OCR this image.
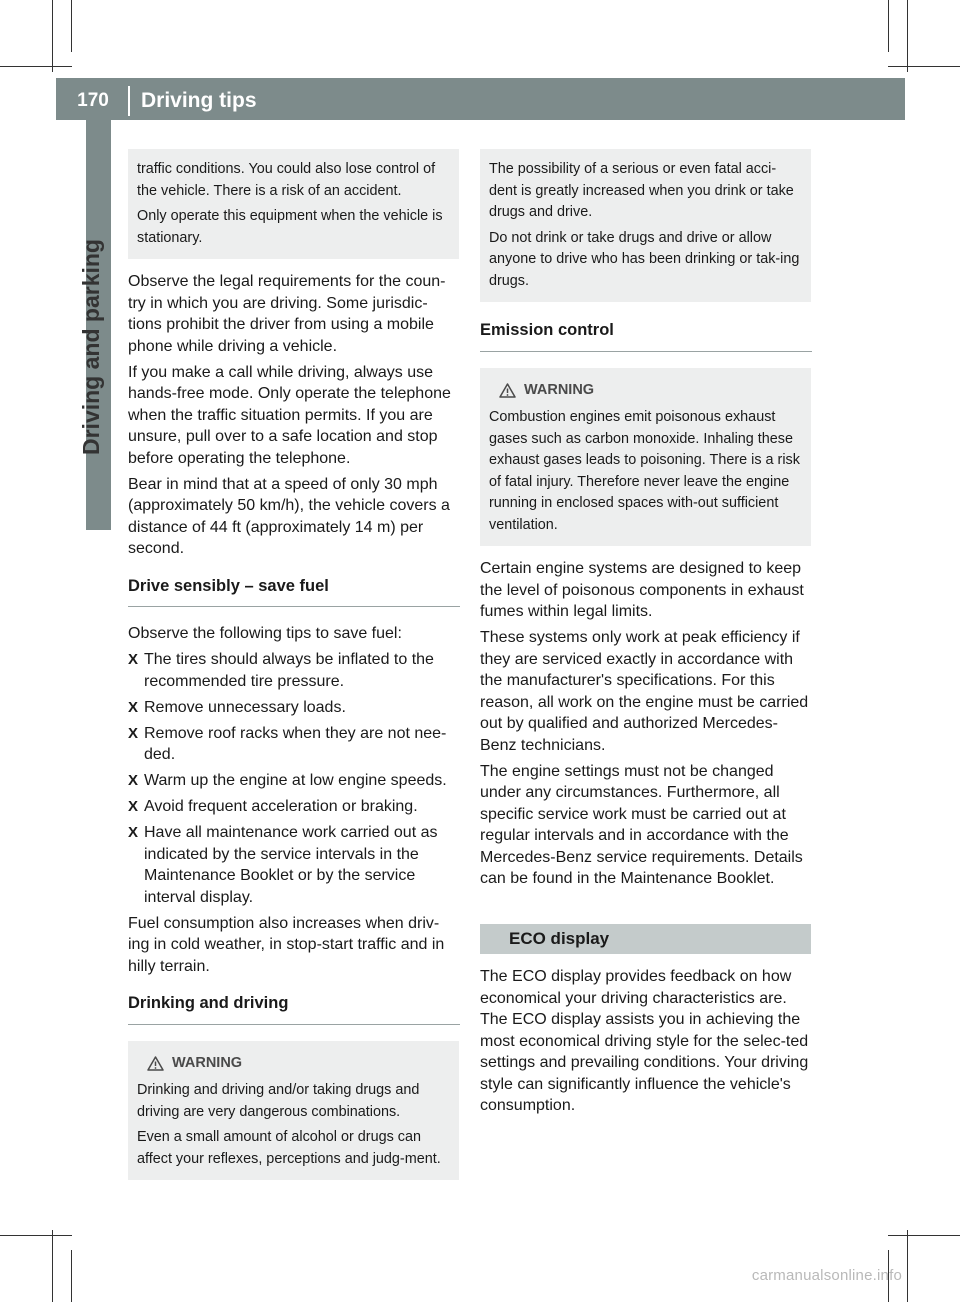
170	Driving tips
Driving and parking

traffic conditions. You could also lose control of the vehicle. There is a risk of an accident.

Only operate this equipment when the vehicle is stationary.

Observe the legal requirements for the coun-try in which you are driving. Some jurisdic-tions prohibit the driver from using a mobile phone while driving a vehicle.

If you make a call while driving, always use hands-free mode. Only operate the telephone when the traffic situation permits. If you are unsure, pull over to a safe location and stop before operating the telephone.

Bear in mind that at a speed of only 30 mph (approximately 50 km/h), the vehicle covers a distance of 44 ft (approximately 14 m) per second.

Drive sensibly – save fuel

Observe the following tips to save fuel:

X The tires should always be inflated to the recommended tire pressure.
X Remove unnecessary loads.
X Remove roof racks when they are not nee-ded.
X Warm up the engine at low engine speeds.
X Avoid frequent acceleration or braking.
X Have all maintenance work carried out as indicated by the service intervals in the Maintenance Booklet or by the service interval display.

Fuel consumption also increases when driv-ing in cold weather, in stop-start traffic and in hilly terrain.

Drinking and driving
WARNING

Drinking and driving and/or taking drugs and driving are very dangerous combinations.

Even a small amount of alcohol or drugs can affect your reflexes, perceptions and judg-ment.

The possibility of a serious or even fatal acci-dent is greatly increased when you drink or take drugs and drive.

Do not drink or take drugs and drive or allow anyone to drive who has been drinking or tak-ing drugs.

Emission control
WARNING

Combustion engines emit poisonous exhaust gases such as carbon monoxide. Inhaling these exhaust gases leads to poisoning. There is a risk of fatal injury. Therefore never leave the engine running in enclosed spaces with-out sufficient ventilation.

Certain engine systems are designed to keep the level of poisonous components in exhaust fumes within legal limits.

These systems only work at peak efficiency if they are serviced exactly in accordance with the manufacturer's specifications. For this reason, all work on the engine must be carried out by qualified and authorized Mercedes-Benz technicians.

The engine settings must not be changed under any circumstances. Furthermore, all specific service work must be carried out at regular intervals and in accordance with the Mercedes-Benz service requirements. Details can be found in the Maintenance Booklet.

ECO display

The ECO display provides feedback on how economical your driving characteristics are. The ECO display assists you in achieving the most economical driving style for the selec-ted settings and prevailing conditions. Your driving style can significantly influence the vehicle's consumption.

carmanualsonline.info
